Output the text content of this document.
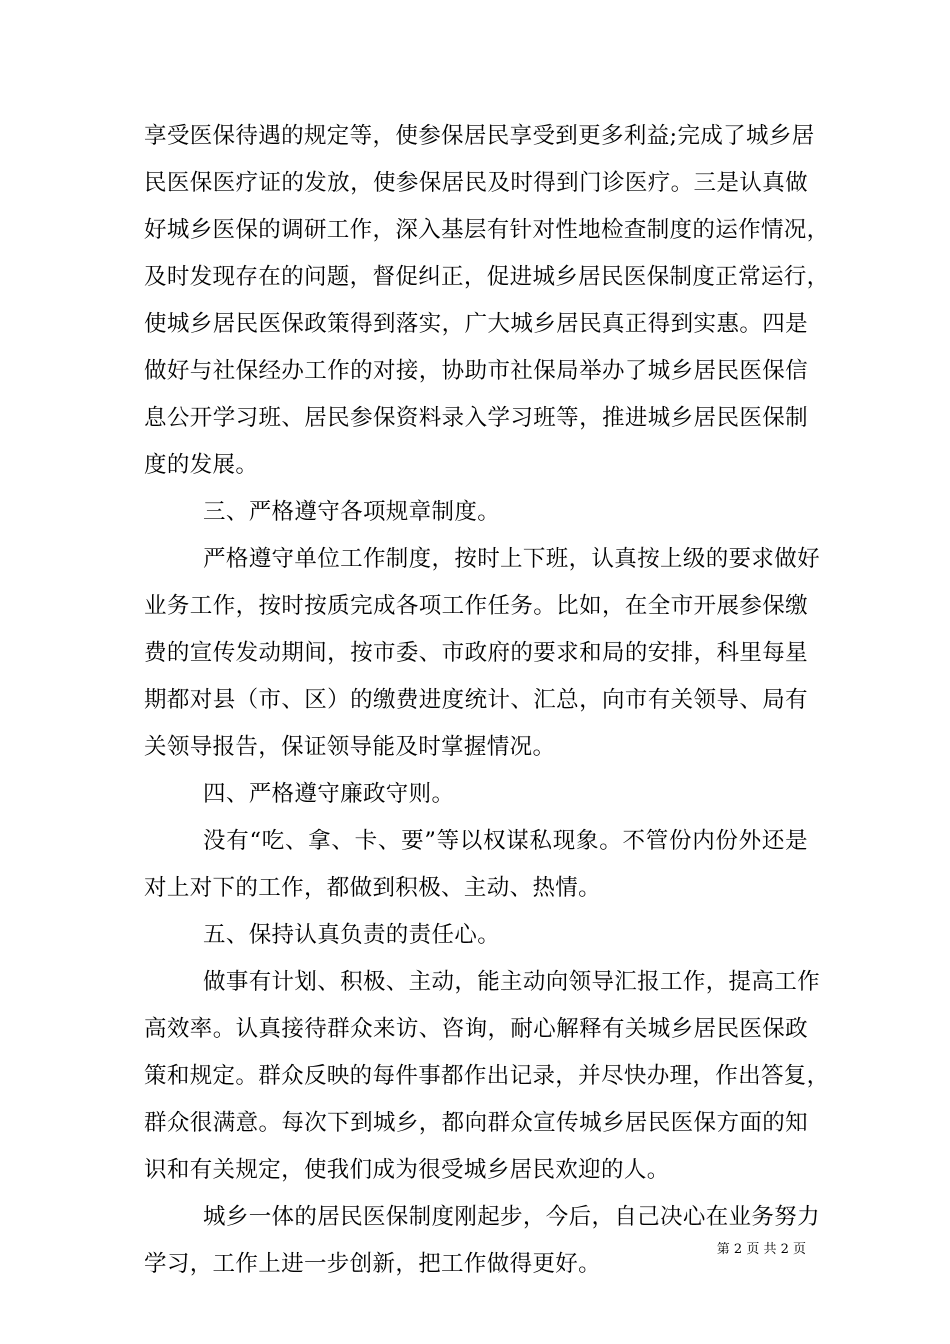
享受医保待遇的规定等，使参保居民享受到更多利益;完成了城乡居
民医保医疗证的发放，使参保居民及时得到门诊医疗。三是认真做
好城乡医保的调研工作，深入基层有针对性地检查制度的运作情况，
及时发现存在的问题，督促纠正，促进城乡居民医保制度正常运行，
使城乡居民医保政策得到落实，广大城乡居民真正得到实惠。四是
做好与社保经办工作的对接，协助市社保局举办了城乡居民医保信
息公开学习班、居民参保资料录入学习班等，推进城乡居民医保制
度的发展。
三、严格遵守各项规章制度。
严格遵守单位工作制度，按时上下班，认真按上级的要求做好
业务工作，按时按质完成各项工作任务。比如，在全市开展参保缴
费的宣传发动期间，按市委、市政府的要求和局的安排，科里每星
期都对县（市、区）的缴费进度统计、汇总，向市有关领导、局有
关领导报告，保证领导能及时掌握情况。
四、严格遵守廉政守则。
没有“吃、拿、卡、要”等以权谋私现象。不管份内份外还是
对上对下的工作，都做到积极、主动、热情。
五、保持认真负责的责任心。
做事有计划、积极、主动，能主动向领导汇报工作，提高工作
高效率。认真接待群众来访、咨询，耐心解释有关城乡居民医保政
策和规定。群众反映的每件事都作出记录，并尽快办理，作出答复，
群众很满意。每次下到城乡，都向群众宣传城乡居民医保方面的知
识和有关规定，使我们成为很受城乡居民欢迎的人。
城乡一体的居民医保制度刚起步，今后，自己决心在业务努力
学习，工作上进一步创新，把工作做得更好。
第 2 页 共 2 页
